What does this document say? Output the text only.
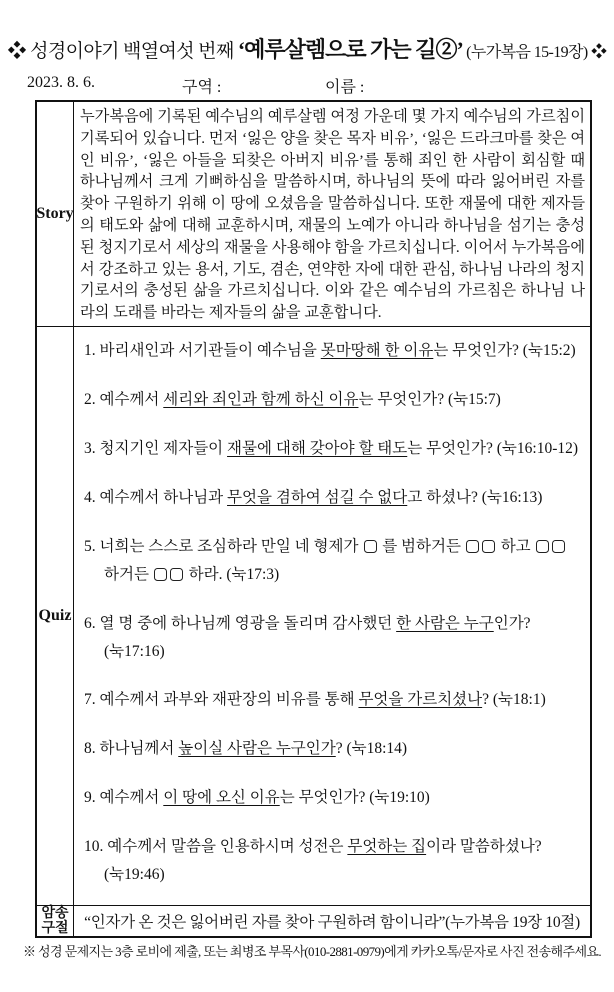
❖ 성경이야기 백열여섯 번째 ‘예루살렘으로 가는 길②’ (누가복음 15-19장) ❖
2023. 8. 6.	구역 :	이름 :
Story
누가복음에 기록된 예수님의 예루살렘 여정 가운데 몇 가지 예수님의 가르침이 기록되어 있습니다. 먼저 ‘잃은 양을 찾은 목자 비유’, ‘잃은 드라크마를 찾은 여인 비유’, ‘잃은 아들을 되찾은 아버지 비유’를 통해 죄인 한 사람이 회심할 때 하나님께서 크게 기뻐하심을 말씀하시며, 하나님의 뜻에 따라 잃어버린 자를 찾아 구원하기 위해 이 땅에 오셨음을 말씀하십니다. 또한 재물에 대한 제자들의 태도와 삶에 대해 교훈하시며, 재물의 노예가 아니라 하나님을 섬기는 충성된 청지기로서 세상의 재물을 사용해야 함을 가르치십니다. 이어서 누가복음에서 강조하고 있는 용서, 기도, 겸손, 연약한 자에 대한 관심, 하나님 나라의 청지기로서의 충성된 삶을 가르치십니다. 이와 같은 예수님의 가르침은 하나님 나라의 도래를 바라는 제자들의 삶을 교훈합니다.
Quiz
1. 바리새인과 서기관들이 예수님을 못마땅해 한 이유는 무엇인가? (눅15:2)
2. 예수께서 세리와 죄인과 함께 하신 이유는 무엇인가? (눅15:7)
3. 청지기인 제자들이 재물에 대해 갖아야 할 태도는 무엇인가? (눅16:10-12)
4. 예수께서 하나님과 무엇을 겸하여 섬길 수 없다고 하셨나? (눅16:13)
5. 너희는 스스로 조심하라 만일 네 형제가  를 범하거든  하고  하거든  하라. (눅17:3)
6. 열 명 중에 하나님께 영광을 돌리며 감사했던 한 사람은 누구인가? (눅17:16)
7. 예수께서 과부와 재판장의 비유를 통해 무엇을 가르치셨나? (눅18:1)
8. 하나님께서 높이실 사람은 누구인가? (눅18:14)
9. 예수께서 이 땅에 오신 이유는 무엇인가? (눅19:10)
10. 예수께서 말씀을 인용하시며 성전은 무엇하는 집이라 말씀하셨나? (눅19:46)
암송
구절 “인자가 온 것은 잃어버린 자를 찾아 구원하려 함이니라”(누가복음 19장 10절)
※ 성경 문제지는 3층 로비에 제출, 또는 최병조 부목사(010-2881-0979)에게 카카오톡/문자로 사진 전송해주세요.
